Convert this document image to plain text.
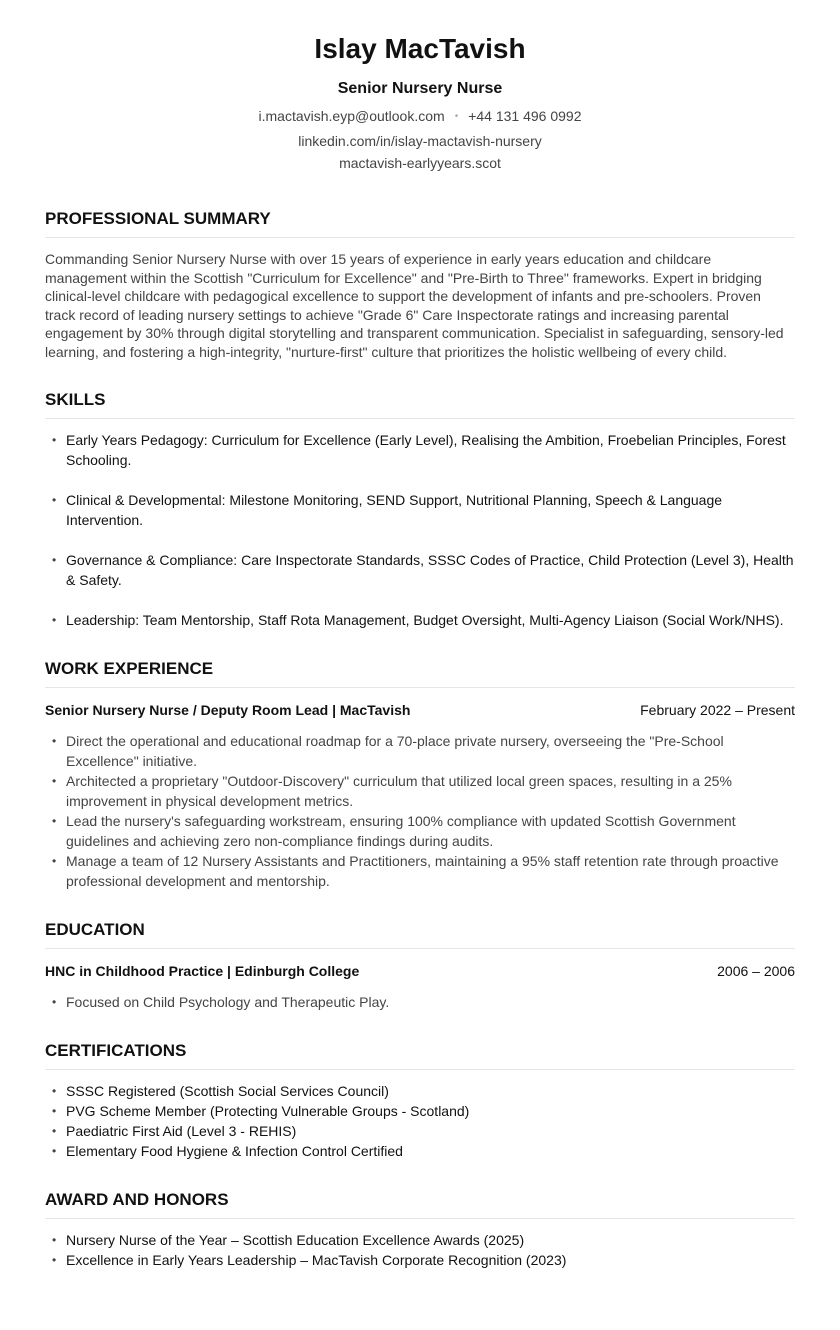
Islay MacTavish
Senior Nursery Nurse
i.mactavish.eyp@outlook.com • +44 131 496 0992
linkedin.com/in/islay-mactavish-nursery
mactavish-earlyyears.scot
PROFESSIONAL SUMMARY
Commanding Senior Nursery Nurse with over 15 years of experience in early years education and childcare management within the Scottish "Curriculum for Excellence" and "Pre-Birth to Three" frameworks. Expert in bridging clinical-level childcare with pedagogical excellence to support the development of infants and pre-schoolers. Proven track record of leading nursery settings to achieve "Grade 6" Care Inspectorate ratings and increasing parental engagement by 30% through digital storytelling and transparent communication. Specialist in safeguarding, sensory-led learning, and fostering a high-integrity, "nurture-first" culture that prioritizes the holistic wellbeing of every child.
SKILLS
• Early Years Pedagogy: Curriculum for Excellence (Early Level), Realising the Ambition, Froebelian Principles, Forest Schooling.
• Clinical & Developmental: Milestone Monitoring, SEND Support, Nutritional Planning, Speech & Language Intervention.
• Governance & Compliance: Care Inspectorate Standards, SSSC Codes of Practice, Child Protection (Level 3), Health & Safety.
• Leadership: Team Mentorship, Staff Rota Management, Budget Oversight, Multi-Agency Liaison (Social Work/NHS).
WORK EXPERIENCE
Senior Nursery Nurse / Deputy Room Lead | MacTavish	February 2022 – Present
• Direct the operational and educational roadmap for a 70-place private nursery, overseeing the "Pre-School Excellence" initiative.
• Architected a proprietary "Outdoor-Discovery" curriculum that utilized local green spaces, resulting in a 25% improvement in physical development metrics.
• Lead the nursery's safeguarding workstream, ensuring 100% compliance with updated Scottish Government guidelines and achieving zero non-compliance findings during audits.
• Manage a team of 12 Nursery Assistants and Practitioners, maintaining a 95% staff retention rate through proactive professional development and mentorship.
EDUCATION
HNC in Childhood Practice | Edinburgh College	2006 – 2006
• Focused on Child Psychology and Therapeutic Play.
CERTIFICATIONS
• SSSC Registered (Scottish Social Services Council)
• PVG Scheme Member (Protecting Vulnerable Groups - Scotland)
• Paediatric First Aid (Level 3 - REHIS)
• Elementary Food Hygiene & Infection Control Certified
AWARD AND HONORS
• Nursery Nurse of the Year – Scottish Education Excellence Awards (2025)
• Excellence in Early Years Leadership – MacTavish Corporate Recognition (2023)
